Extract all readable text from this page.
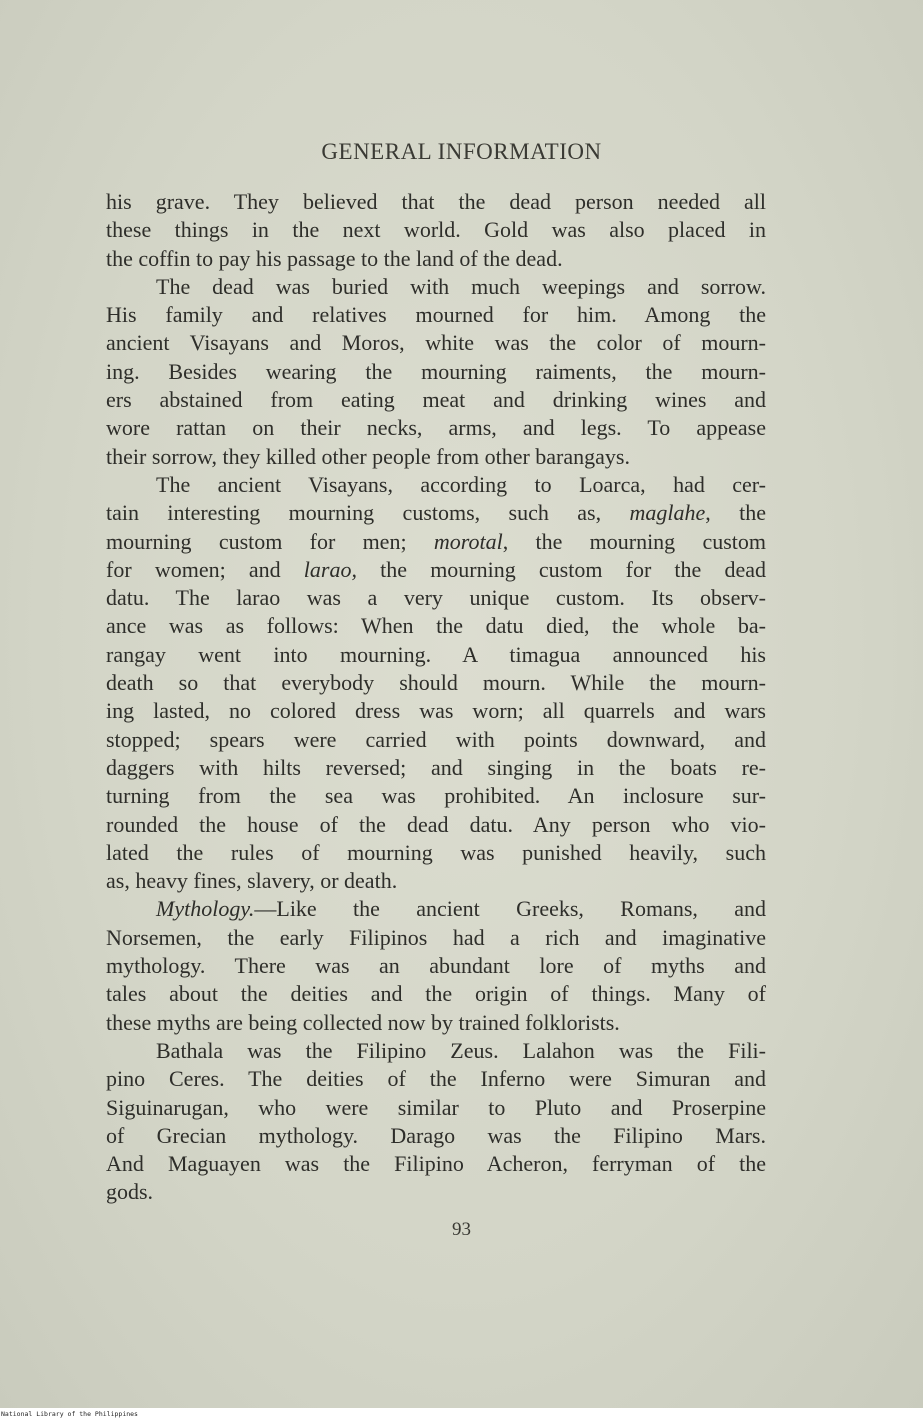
GENERAL INFORMATION
his grave. They believed that the dead person needed all
these things in the next world. Gold was also placed in
the coffin to pay his passage to the land of the dead.
The dead was buried with much weepings and sorrow.
His family and relatives mourned for him. Among the
ancient Visayans and Moros, white was the color of mourn-
ing. Besides wearing the mourning raiments, the mourn-
ers abstained from eating meat and drinking wines and
wore rattan on their necks, arms, and legs. To appease
their sorrow, they killed other people from other barangays.
The ancient Visayans, according to Loarca, had cer-
tain interesting mourning customs, such as, maglahe, the
mourning custom for men; morotal, the mourning custom
for women; and larao, the mourning custom for the dead
datu. The larao was a very unique custom. Its observ-
ance was as follows: When the datu died, the whole ba-
rangay went into mourning. A timagua announced his
death so that everybody should mourn. While the mourn-
ing lasted, no colored dress was worn; all quarrels and wars
stopped; spears were carried with points downward, and
daggers with hilts reversed; and singing in the boats re-
turning from the sea was prohibited. An inclosure sur-
rounded the house of the dead datu. Any person who vio-
lated the rules of mourning was punished heavily, such
as, heavy fines, slavery, or death.
Mythology.—Like the ancient Greeks, Romans, and
Norsemen, the early Filipinos had a rich and imaginative
mythology. There was an abundant lore of myths and
tales about the deities and the origin of things. Many of
these myths are being collected now by trained folklorists.
Bathala was the Filipino Zeus. Lalahon was the Fili-
pino Ceres. The deities of the Inferno were Simuran and
Siguinarugan, who were similar to Pluto and Proserpine
of Grecian mythology. Darago was the Filipino Mars.
And Maguayen was the Filipino Acheron, ferryman of the
gods.
93
National Library of the Philippines
